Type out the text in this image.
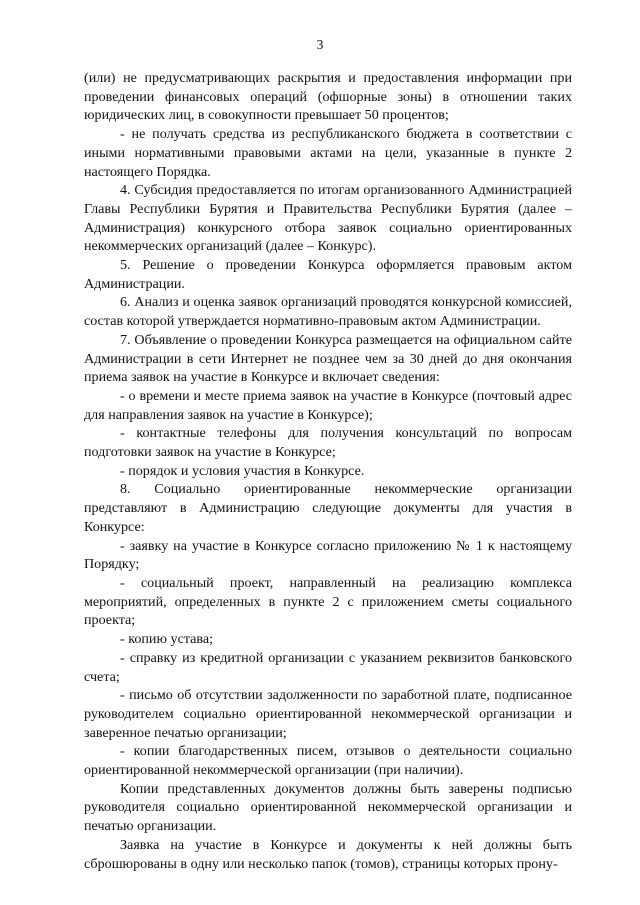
3

(или) не предусматривающих раскрытия и предоставления информации при проведении финансовых операций (офшорные зоны) в отношении таких юридических лиц, в совокупности превышает 50 процентов;

- не получать средства из республиканского бюджета в соответствии с иными нормативными правовыми актами на цели, указанные в пункте 2 настоящего Порядка.

4. Субсидия предоставляется по итогам организованного Администрацией Главы Республики Бурятия и Правительства Республики Бурятия (далее – Администрация) конкурсного отбора заявок социально ориентированных некоммерческих организаций (далее – Конкурс).

5. Решение о проведении Конкурса оформляется правовым актом Администрации.

6. Анализ и оценка заявок организаций проводятся конкурсной комиссией, состав которой утверждается нормативно-правовым актом Администрации.

7. Объявление о проведении Конкурса размещается на официальном сайте Администрации в сети Интернет не позднее чем за 30 дней до дня окончания приема заявок на участие в Конкурсе и включает сведения:

- о времени и месте приема заявок на участие в Конкурсе (почтовый адрес для направления заявок на участие в Конкурсе);

- контактные телефоны для получения консультаций по вопросам подготовки заявок на участие в Конкурсе;

- порядок и условия участия в Конкурсе.

8. Социально ориентированные некоммерческие организации представляют в Администрацию следующие документы для участия в Конкурсе:

- заявку на участие в Конкурсе согласно приложению № 1 к настоящему Порядку;

- социальный проект, направленный на реализацию комплекса мероприятий, определенных в пункте 2 с приложением сметы социального проекта;

- копию устава;

- справку из кредитной организации с указанием реквизитов банковского счета;

- письмо об отсутствии задолженности по заработной плате, подписанное руководителем социально ориентированной некоммерческой организации и заверенное печатью организации;

- копии благодарственных писем, отзывов о деятельности социально ориентированной некоммерческой организации (при наличии).

Копии представленных документов должны быть заверены подписью руководителя социально ориентированной некоммерческой организации и печатью организации.

Заявка на участие в Конкурсе и документы к ней должны быть сброшюрованы в одну или несколько папок (томов), страницы которых прону-
